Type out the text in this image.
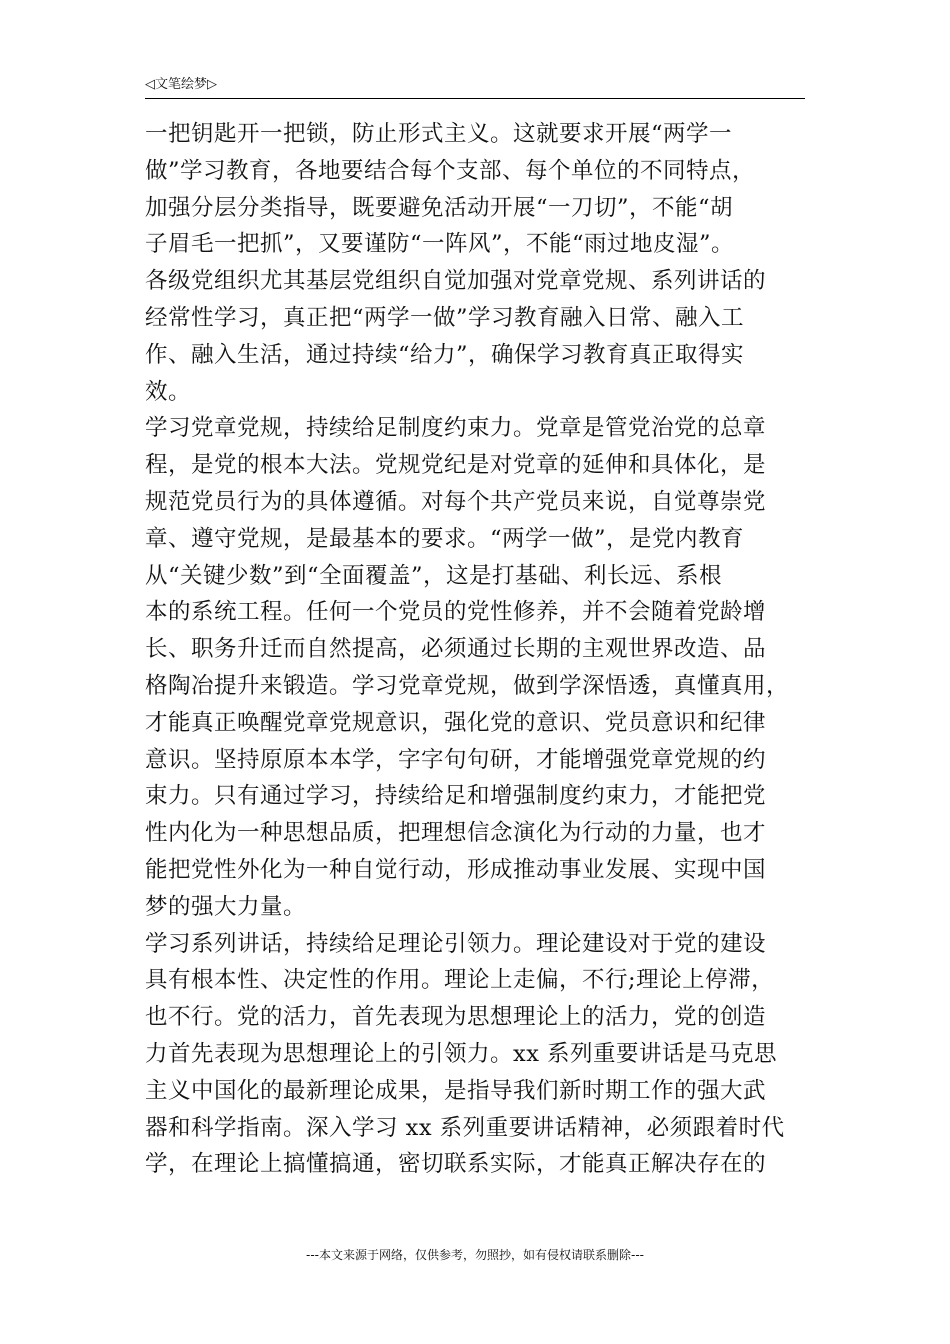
◁文笔绘梦▷
一把钥匙开一把锁，防止形式主义。这就要求开展“两学一
做”学习教育，各地要结合每个支部、每个单位的不同特点，
加强分层分类指导，既要避免活动开展“一刀切”，不能“胡
子眉毛一把抓”，又要谨防“一阵风”，不能“雨过地皮湿”。
各级党组织尤其基层党组织自觉加强对党章党规、系列讲话的
经常性学习，真正把“两学一做”学习教育融入日常、融入工
作、融入生活，通过持续“给力”，确保学习教育真正取得实
效。
学习党章党规，持续给足制度约束力。党章是管党治党的总章
程，是党的根本大法。党规党纪是对党章的延伸和具体化，是
规范党员行为的具体遵循。对每个共产党员来说，自觉尊崇党
章、遵守党规，是最基本的要求。“两学一做”，是党内教育
从“关键少数”到“全面覆盖”，这是打基础、利长远、系根
本的系统工程。任何一个党员的党性修养，并不会随着党龄增
长、职务升迁而自然提高，必须通过长期的主观世界改造、品
格陶冶提升来锻造。学习党章党规，做到学深悟透，真懂真用，
才能真正唤醒党章党规意识，强化党的意识、党员意识和纪律
意识。坚持原原本本学，字字句句研，才能增强党章党规的约
束力。只有通过学习，持续给足和增强制度约束力，才能把党
性内化为一种思想品质，把理想信念演化为行动的力量，也才
能把党性外化为一种自觉行动，形成推动事业发展、实现中国
梦的强大力量。
学习系列讲话，持续给足理论引领力。理论建设对于党的建设
具有根本性、决定性的作用。理论上走偏，不行;理论上停滞，
也不行。党的活力，首先表现为思想理论上的活力，党的创造
力首先表现为思想理论上的引领力。xx 系列重要讲话是马克思
主义中国化的最新理论成果，是指导我们新时期工作的强大武
器和科学指南。深入学习 xx 系列重要讲话精神，必须跟着时代
学，在理论上搞懂搞通，密切联系实际，才能真正解决存在的
---本文来源于网络，仅供参考，勿照抄，如有侵权请联系删除---
